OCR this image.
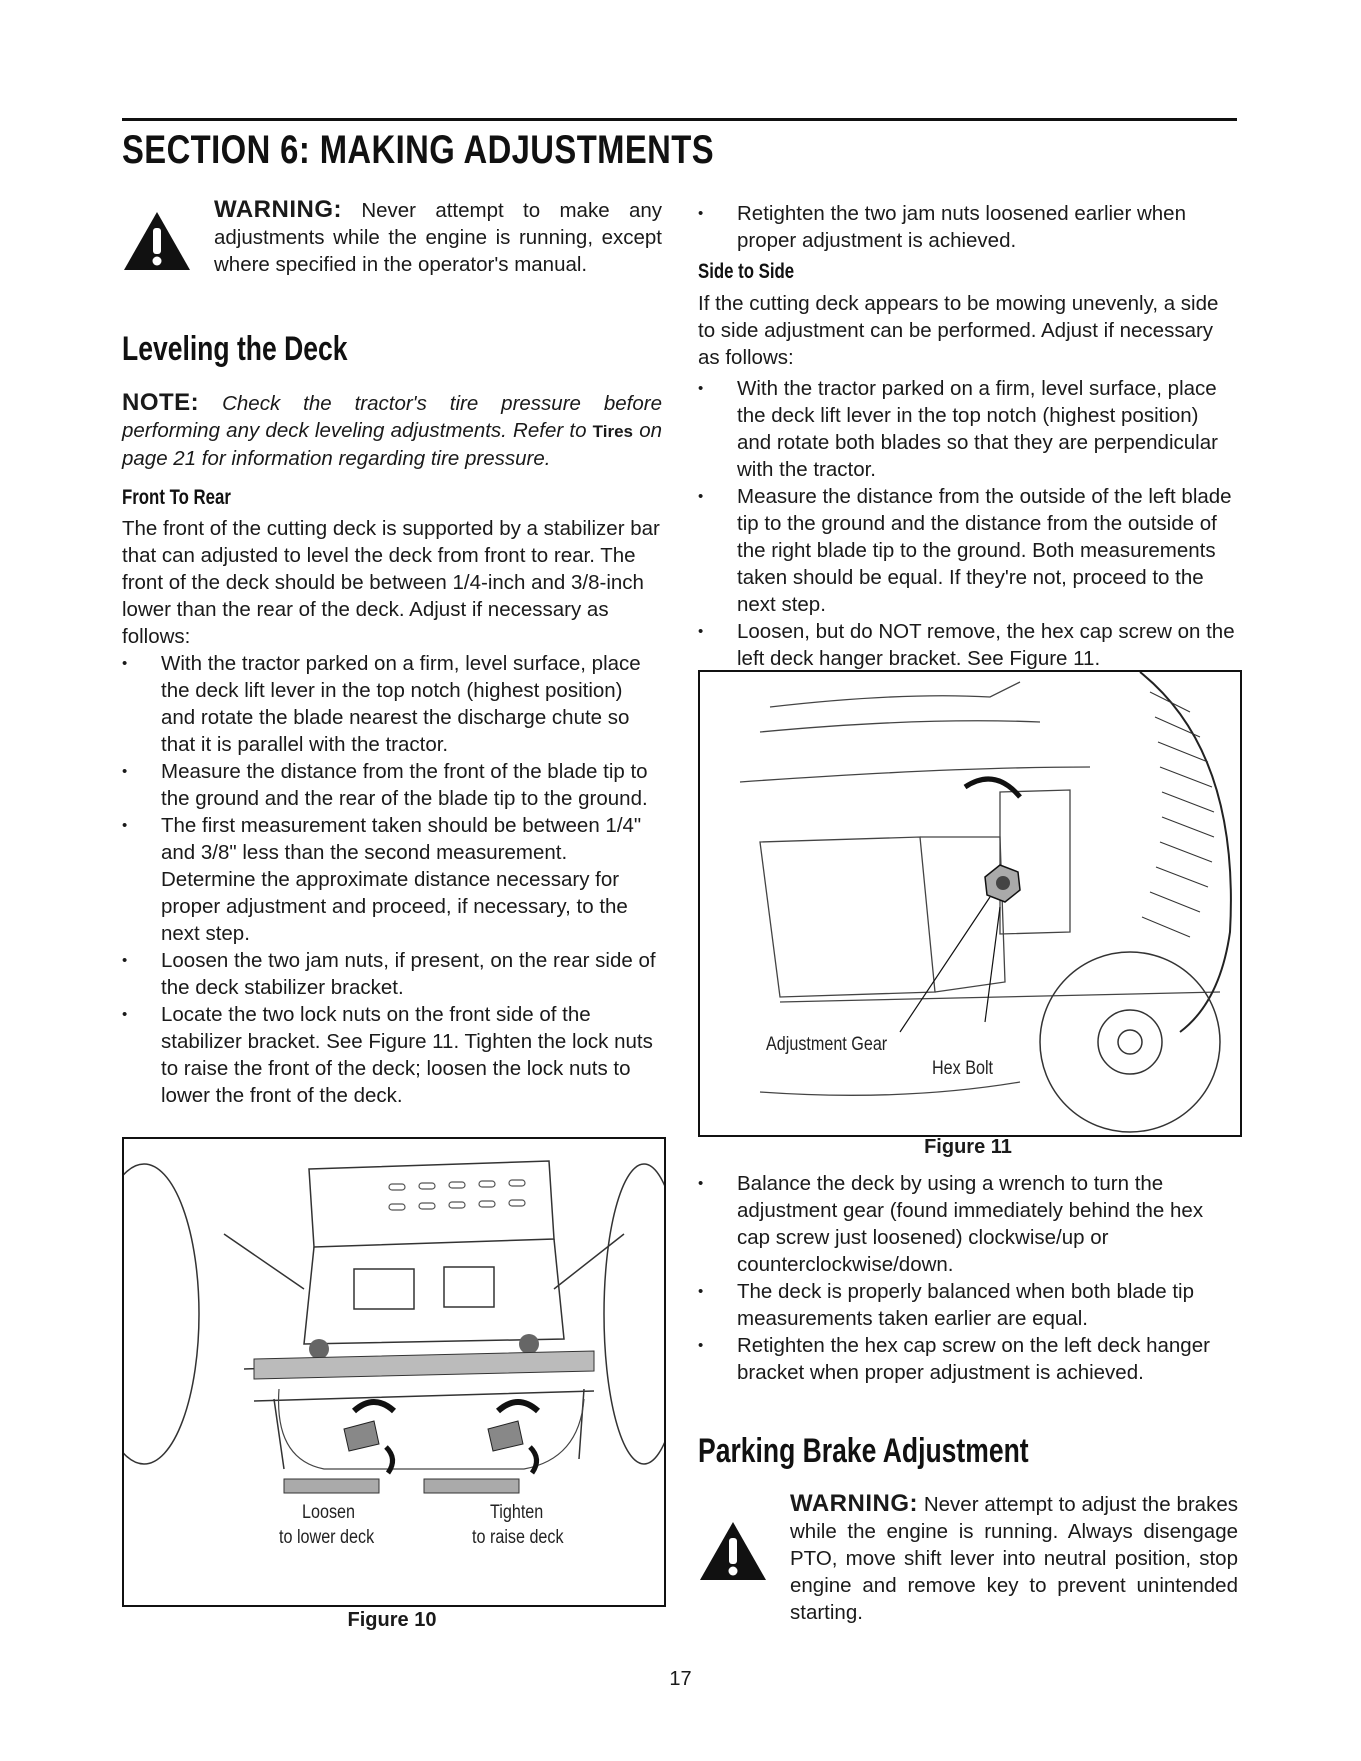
SECTION 6: MAKING ADJUSTMENTS
WARNING: Never attempt to make any adjustments while the engine is running, except where specified in the operator's manual.
Leveling the Deck
NOTE: Check the tractor's tire pressure before performing any deck leveling adjustments. Refer to Tires on page 21 for information regarding tire pressure.
Front To Rear
The front of the cutting deck is supported by a stabilizer bar that can adjusted to level the deck from front to rear. The front of the deck should be between 1/4-inch and 3/8-inch lower than the rear of the deck. Adjust if necessary as follows:
• With the tractor parked on a firm, level surface, place the deck lift lever in the top notch (highest position) and rotate the blade nearest the discharge chute so that it is parallel with the tractor.
• Measure the distance from the front of the blade tip to the ground and the rear of the blade tip to the ground.
• The first measurement taken should be between 1/4" and 3/8" less than the second measurement. Determine the approximate distance necessary for proper adjustment and proceed, if necessary, to the next step.
• Loosen the two jam nuts, if present, on the rear side of the deck stabilizer bracket.
• Locate the two lock nuts on the front side of the stabilizer bracket. See Figure 11. Tighten the lock nuts to raise the front of the deck; loosen the lock nuts to lower the front of the deck.
Loosen
to lower deck
Tighten
to raise deck
Figure 10
• Retighten the two jam nuts loosened earlier when proper adjustment is achieved.
Side to Side
If the cutting deck appears to be mowing unevenly, a side to side adjustment can be performed. Adjust if necessary as follows:
• With the tractor parked on a firm, level surface, place the deck lift lever in the top notch (highest position) and rotate both blades so that they are perpendicular with the tractor.
• Measure the distance from the outside of the left blade tip to the ground and the distance from the outside of the right blade tip to the ground. Both measurements taken should be equal. If they're not, proceed to the next step.
• Loosen, but do NOT remove, the hex cap screw on the left deck hanger bracket. See Figure 11.
Adjustment Gear
Hex Bolt
Figure 11
• Balance the deck by using a wrench to turn the adjustment gear (found immediately behind the hex cap screw just loosened) clockwise/up or counterclockwise/down.
• The deck is properly balanced when both blade tip measurements taken earlier are equal.
• Retighten the hex cap screw on the left deck hanger bracket when proper adjustment is achieved.
Parking Brake Adjustment
WARNING: Never attempt to adjust the brakes while the engine is running. Always disengage PTO, move shift lever into neutral position, stop engine and remove key to prevent unintended starting.
17
